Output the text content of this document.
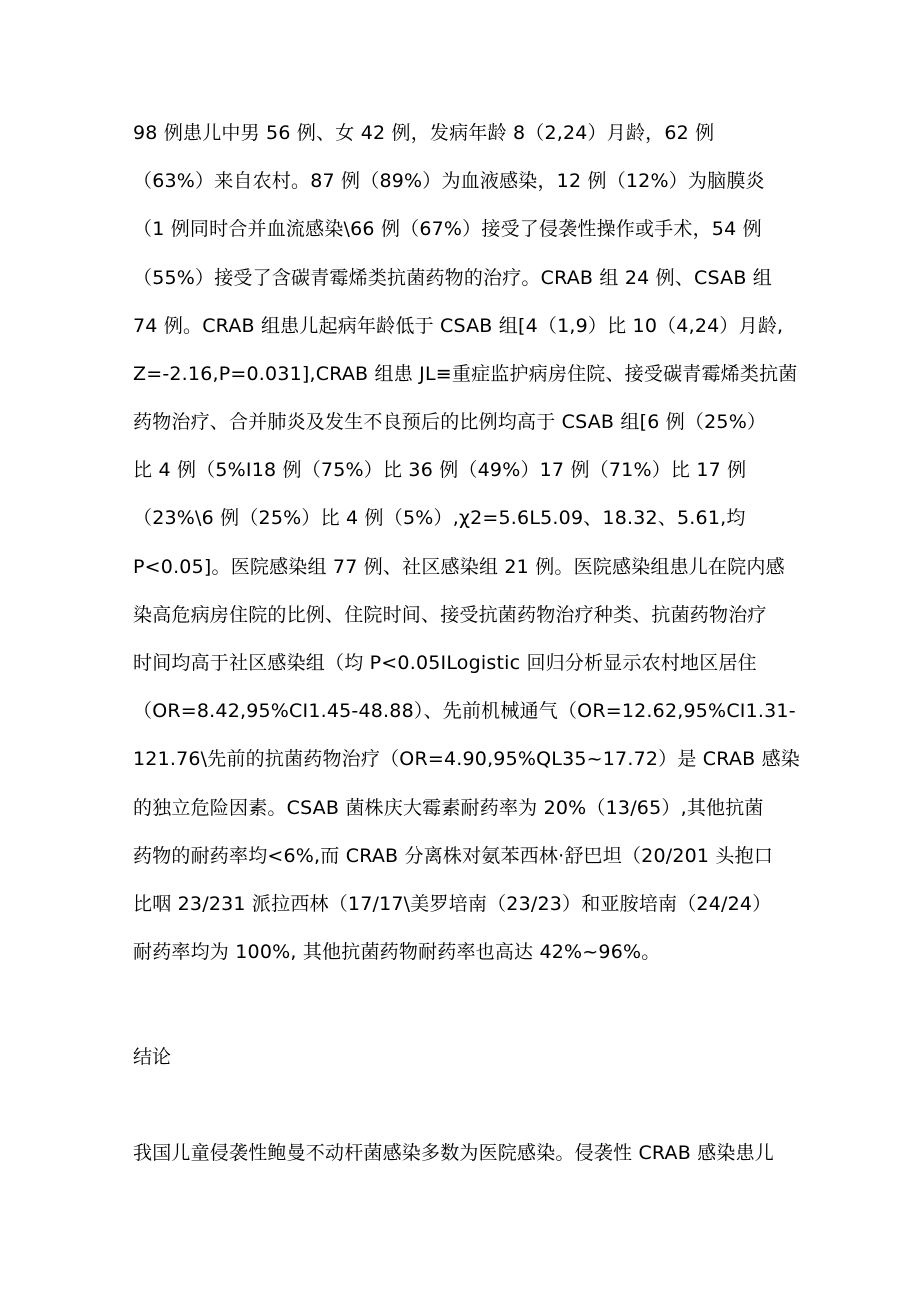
98 例患儿中男 56 例、女 42 例，发病年龄 8（2,24）月龄，62 例
（63%）来自农村。87 例（89%）为血液感染，12 例（12%）为脑膜炎
（1 例同时合并血流感染\66 例（67%）接受了侵袭性操作或手术，54 例
（55%）接受了含碳青霉烯类抗菌药物的治疗。CRAB 组 24 例、CSAB 组
74 例。CRAB 组患儿起病年龄低于 CSAB 组[4（1,9）比 10（4,24）月龄,
Z=-2.16,P=0.031],CRAB 组患 JL≡重症监护病房住院、接受碳青霉烯类抗菌
药物治疗、合并肺炎及发生不良预后的比例均高于 CSAB 组[6 例（25%）
比 4 例（5%I18 例（75%）比 36 例（49%）17 例（71%）比 17 例
（23%\6 例（25%）比 4 例（5%）,χ2=5.6L5.09、18.32、5.61,均
P<0.05]。医院感染组 77 例、社区感染组 21 例。医院感染组患儿在院内感
染高危病房住院的比例、住院时间、接受抗菌药物治疗种类、抗菌药物治疗
时间均高于社区感染组（均 P<0.05ILogistic 回归分析显示农村地区居住
（OR=8.42,95%CI1.45-48.88）、先前机械通气（OR=12.62,95%CI1.31-
121.76\先前的抗菌药物治疗（OR=4.90,95%QL35~17.72）是 CRAB 感染
的独立危险因素。CSAB 菌株庆大霉素耐药率为 20%（13/65）,其他抗菌
药物的耐药率均<6%,而 CRAB 分离株对氨苯西林·舒巴坦（20/201 头抱口
比咽 23/231 派拉西林（17/17\美罗培南（23/23）和亚胺培南（24/24）
耐药率均为 100%, 其他抗菌药物耐药率也高达 42%~96%。
结论
我国儿童侵袭性鲍曼不动杆菌感染多数为医院感染。侵袭性 CRAB 感染患儿
